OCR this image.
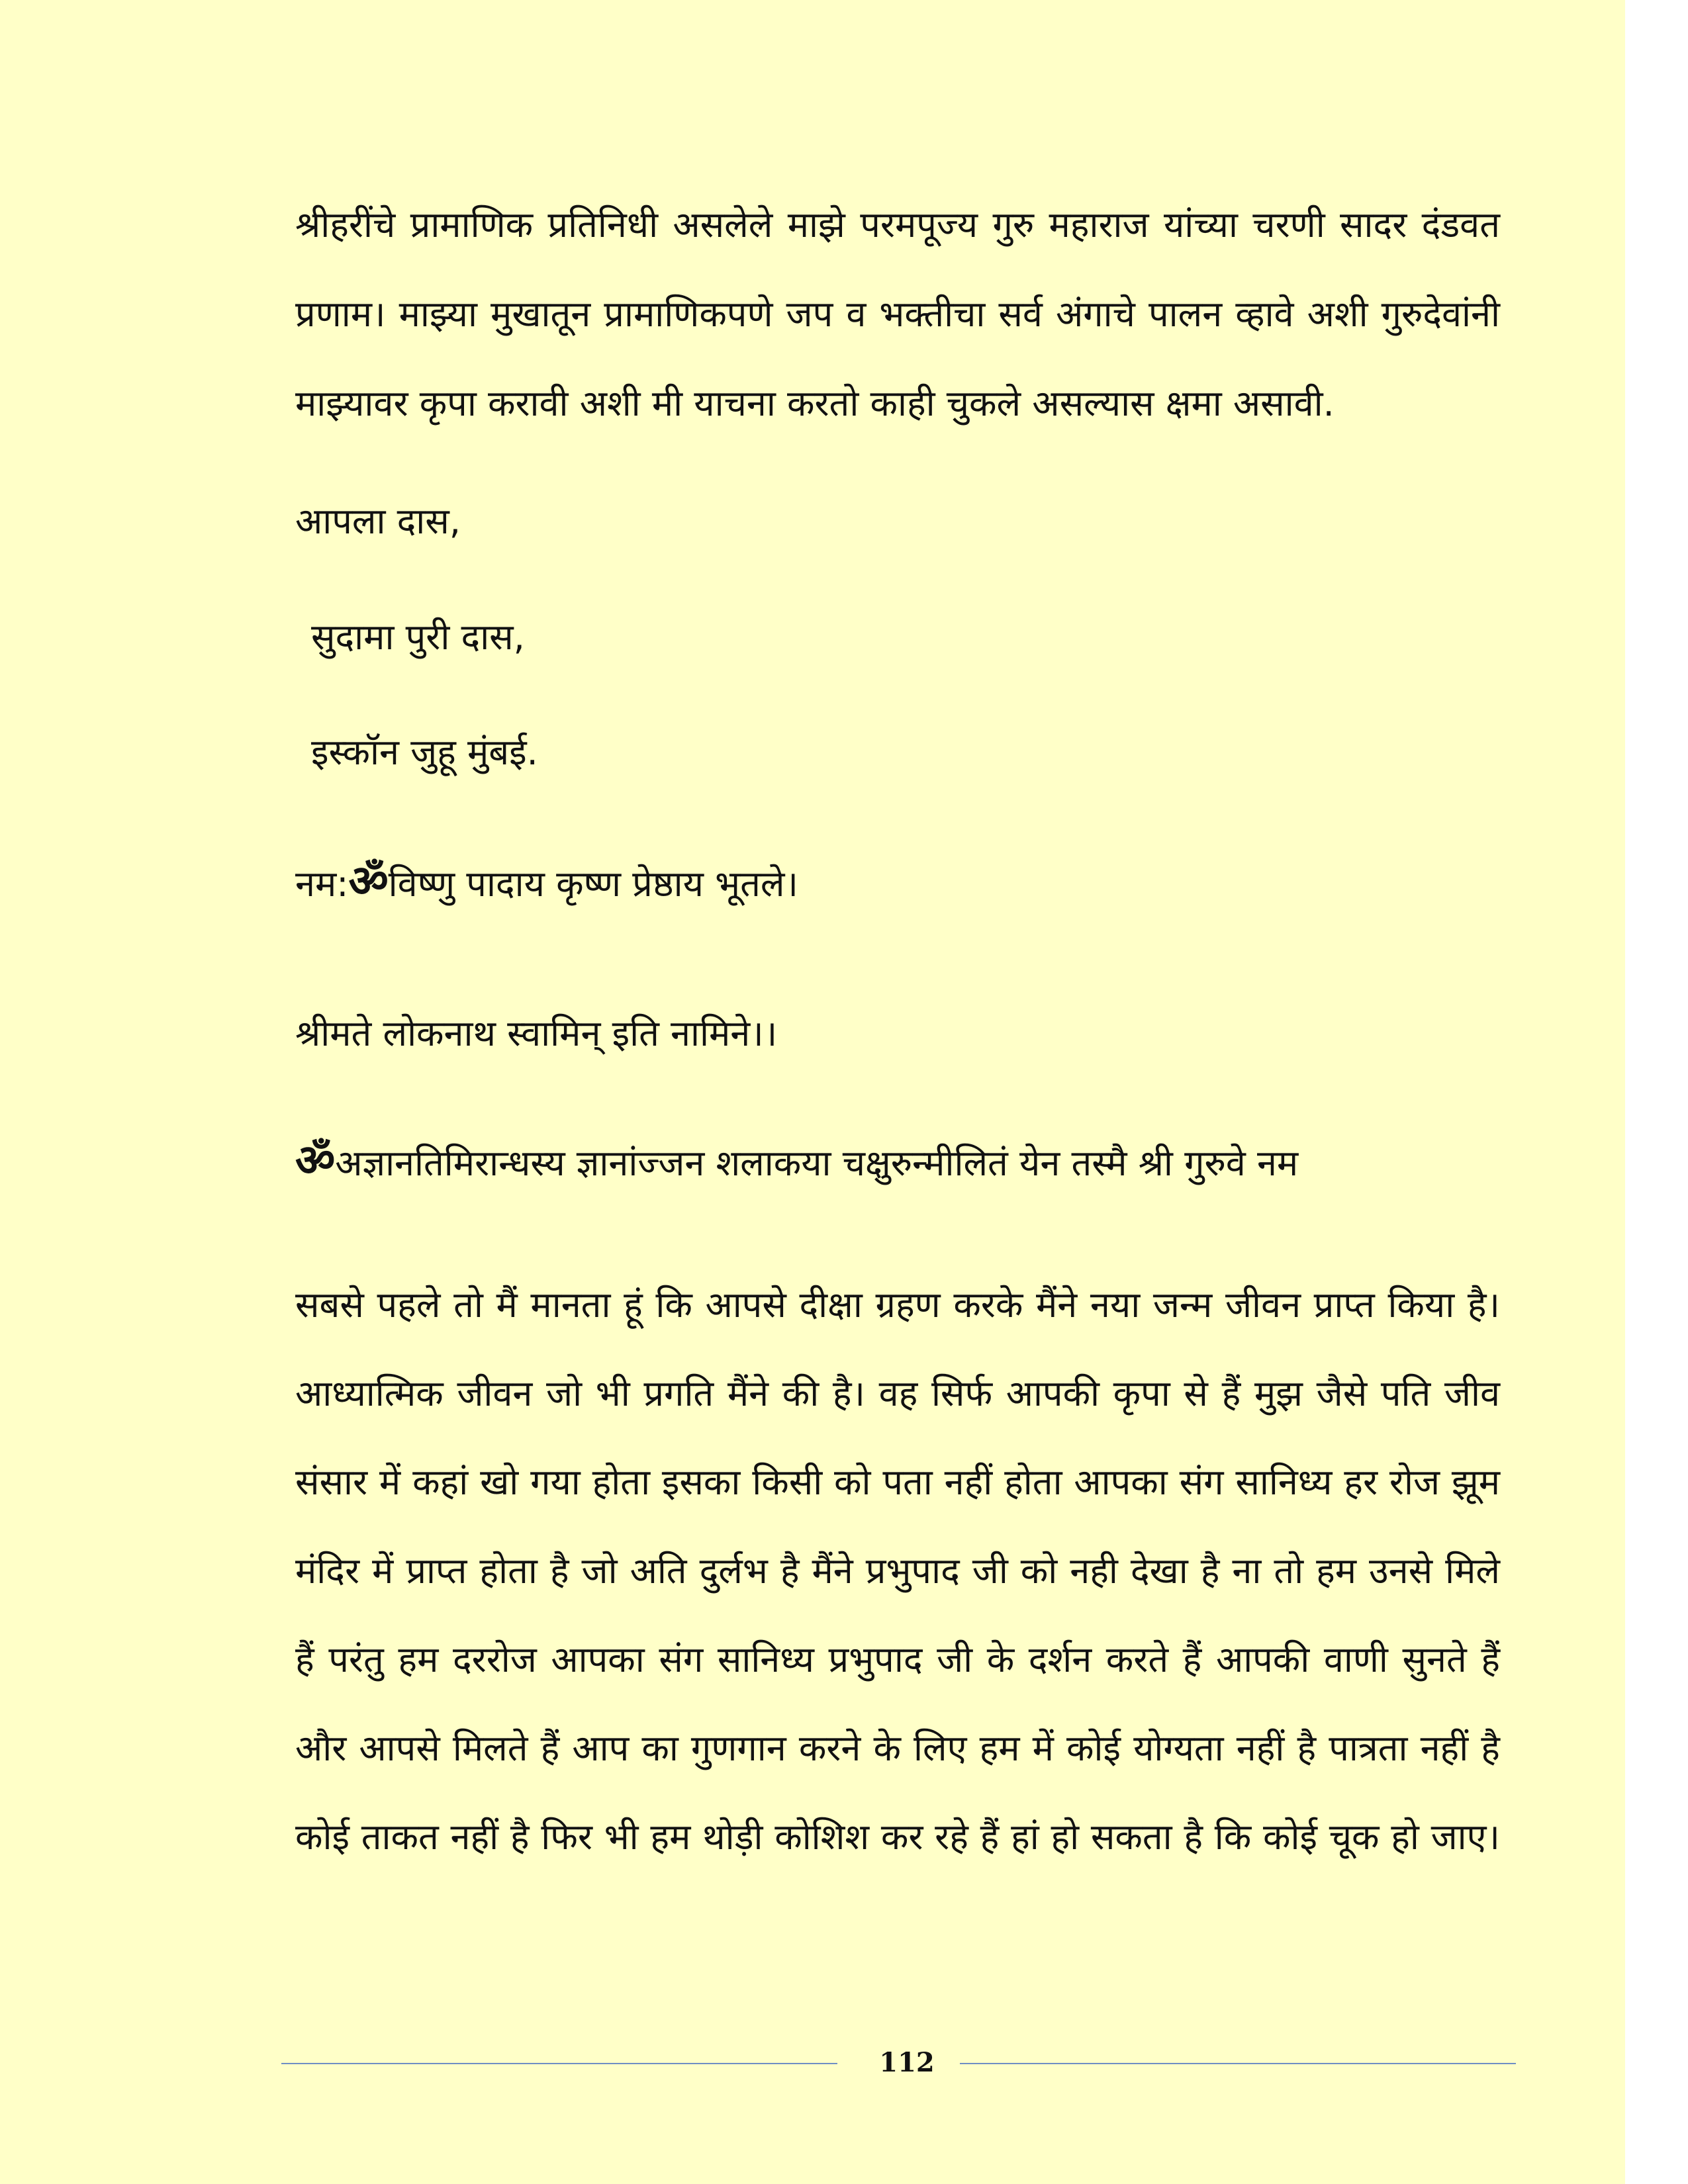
श्रीहरींचे प्रामाणिक प्रतिनिधी असलेले माझे परमपूज्य गुरु महाराज यांच्या चरणी सादर दंडवत
प्रणाम। माझ्या मुखातून प्रामाणिकपणे जप व भक्तीचा सर्व अंगाचे पालन व्हावे अशी गुरुदेवांनी
माझ्यावर कृपा करावी अशी मी याचना करतो काही चुकले असल्यास क्षमा असावी.
आपला दास,
सुदामा पुरी दास,
इस्कॉन जुहू मुंबई.
नम:ॐविष्णु पादाय कृष्ण प्रेष्ठाय भूतले।
श्रीमते लोकनाथ स्वामिन् इति नामिने।।
ॐअज्ञानतिमिरान्धस्य ज्ञानांज्जन शलाकया चक्षुरुन्मीलितं येन तस्मै श्री गुरुवे नम
सबसे पहले तो मैं मानता हूं कि आपसे दीक्षा ग्रहण करके मैंने नया जन्म जीवन प्राप्त किया है।
आध्यात्मिक जीवन जो भी प्रगति मैंने की है। वह सिर्फ आपकी कृपा से हैं मुझ जैसे पति जीव
संसार में कहां खो गया होता इसका किसी को पता नहीं होता आपका संग सानिध्य हर रोज झूम
मंदिर में प्राप्त होता है जो अति दुर्लभ है मैंने प्रभुपाद जी को नही देखा है ना तो हम उनसे मिले
हैं परंतु हम दररोज आपका संग सानिध्य प्रभुपाद जी के दर्शन करते हैं आपकी वाणी सुनते हैं
और आपसे मिलते हैं आप का गुणगान करने के लिए हम में कोई योग्यता नहीं है पात्रता नहीं है
कोई ताकत नहीं है फिर भी हम थोड़ी कोशिश कर रहे हैं हां हो सकता है कि कोई चूक हो जाए।
112
